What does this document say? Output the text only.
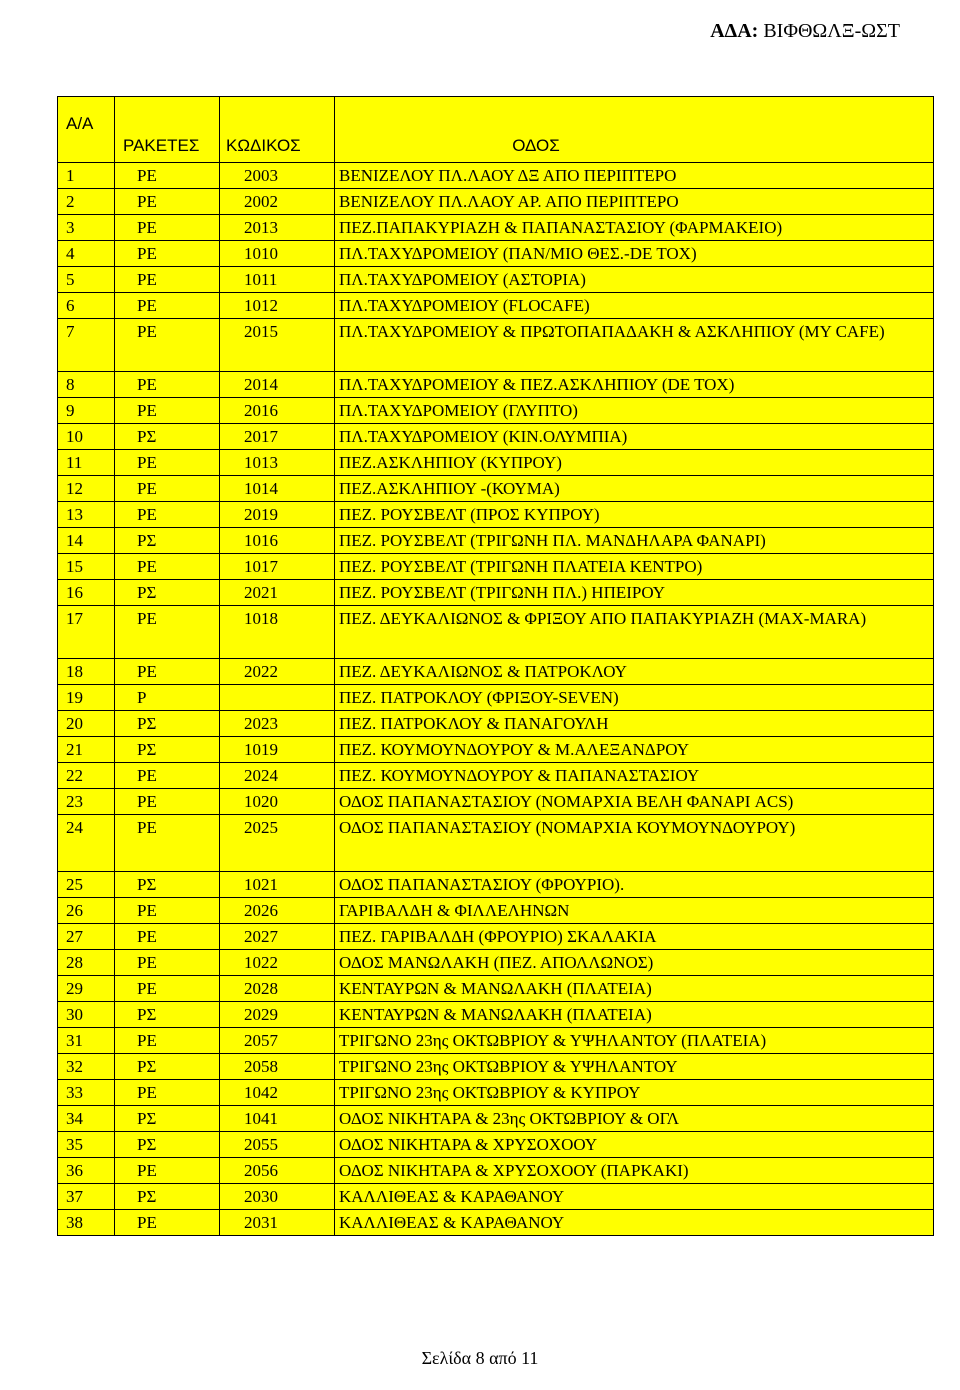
ΑΔΑ: ΒΙΦΘΩΛΞ-ΩΣΤ
Α/Α	ΡΑΚΕΤΕΣ	ΚΩΔΙΚΟΣ	ΟΔΟΣ

1	ΡΕ	2003	ΒΕΝΙΖΕΛΟΥ ΠΛ.ΛΑΟΥ ΔΞ ΑΠΟ ΠΕΡΙΠΤΕΡΟ
2	ΡΕ	2002	ΒΕΝΙΖΕΛΟΥ ΠΛ.ΛΑΟΥ ΑΡ. ΑΠΟ ΠΕΡΙΠΤΕΡΟ
3	ΡΕ	2013	ΠΕΖ.ΠΑΠΑΚΥΡΙΑΖΗ & ΠΑΠΑΝΑΣΤΑΣΙΟΥ (ΦΑΡΜΑΚΕΙΟ)
4	ΡΕ	1010	ΠΛ.ΤΑΧΥΔΡΟΜΕΙΟΥ (ΠΑΝ/ΜΙΟ ΘΕΣ.-DE TOX)
5	ΡΕ	1011	ΠΛ.ΤΑΧΥΔΡΟΜΕΙΟΥ (ΑΣΤΟΡΙΑ)
6	ΡΕ	1012	ΠΛ.ΤΑΧΥΔΡΟΜΕΙΟΥ (FLOCAFE)
7	ΡΕ	2015	ΠΛ.ΤΑΧΥΔΡΟΜΕΙΟΥ & ΠΡΩΤΟΠΑΠΑΔΑΚΗ & ΑΣΚΛΗΠΙΟΥ (MY CAFE)
8	ΡΕ	2014	ΠΛ.ΤΑΧΥΔΡΟΜΕΙΟΥ & ΠΕΖ.ΑΣΚΛΗΠΙΟΥ (DE TOX)
9	ΡΕ	2016	ΠΛ.ΤΑΧΥΔΡΟΜΕΙΟΥ (ΓΛΥΠΤΟ)
10	ΡΣ	2017	ΠΛ.ΤΑΧΥΔΡΟΜΕΙΟΥ (ΚΙΝ.ΟΛΥΜΠΙΑ)
11	ΡΕ	1013	ΠΕΖ.ΑΣΚΛΗΠΙΟΥ (ΚΥΠΡΟΥ)
12	ΡΕ	1014	ΠΕΖ.ΑΣΚΛΗΠΙΟΥ -(ΚΟΥΜΑ)
13	ΡΕ	2019	ΠΕΖ. ΡΟΥΣΒΕΛΤ (ΠΡΟΣ ΚΥΠΡΟΥ)
14	ΡΣ	1016	ΠΕΖ. ΡΟΥΣΒΕΛΤ (ΤΡΙΓΩΝΗ ΠΛ. ΜΑΝΔΗΛΑΡΑ ΦΑΝΑΡΙ)
15	ΡΕ	1017	ΠΕΖ. ΡΟΥΣΒΕΛΤ (ΤΡΙΓΩΝΗ ΠΛΑΤΕΙΑ ΚΕΝΤΡΟ)
16	ΡΣ	2021	ΠΕΖ. ΡΟΥΣΒΕΛΤ (ΤΡΙΓΩΝΗ ΠΛ.) ΗΠΕΙΡΟΥ
17	ΡΕ	1018	ΠΕΖ. ΔΕΥΚΑΛΙΩΝΟΣ & ΦΡΙΞΟΥ ΑΠΟ ΠΑΠΑΚΥΡΙΑΖΗ (MAX-MARA)
18	ΡΕ	2022	ΠΕΖ. ΔΕΥΚΑΛΙΩΝΟΣ & ΠΑΤΡΟΚΛΟΥ
19	Ρ		ΠΕΖ. ΠΑΤΡΟΚΛΟΥ (ΦΡΙΞΟΥ-SEVEN)
20	ΡΣ	2023	ΠΕΖ. ΠΑΤΡΟΚΛΟΥ & ΠΑΝΑΓΟΥΛΗ
21	ΡΣ	1019	ΠΕΖ. ΚΟΥΜΟΥΝΔΟΥΡΟΥ & Μ.ΑΛΕΞΑΝΔΡΟΥ
22	ΡΕ	2024	ΠΕΖ. ΚΟΥΜΟΥΝΔΟΥΡΟΥ & ΠΑΠΑΝΑΣΤΑΣΙΟΥ
23	ΡΕ	1020	ΟΔΟΣ ΠΑΠΑΝΑΣΤΑΣΙΟΥ (ΝΟΜΑΡΧΙΑ ΒΕΛΗ ΦΑΝΑΡΙ ACS)
24	ΡΕ	2025	ΟΔΟΣ ΠΑΠΑΝΑΣΤΑΣΙΟΥ (ΝΟΜΑΡΧΙΑ ΚΟΥΜΟΥΝΔΟΥΡΟΥ)
25	ΡΣ	1021	ΟΔΟΣ ΠΑΠΑΝΑΣΤΑΣΙΟΥ (ΦΡΟΥΡΙΟ).
26	ΡΕ	2026	ΓΑΡΙΒΑΛΔΗ & ΦΙΛΛΕΛΗΝΩΝ
27	ΡΕ	2027	ΠΕΖ. ΓΑΡΙΒΑΛΔΗ (ΦΡΟΥΡΙΟ) ΣΚΑΛΑΚΙΑ
28	ΡΕ	1022	ΟΔΟΣ ΜΑΝΩΛΑΚΗ (ΠΕΖ. ΑΠΟΛΛΩΝΟΣ)
29	ΡΕ	2028	ΚΕΝΤΑΥΡΩΝ & ΜΑΝΩΛΑΚΗ (ΠΛΑΤΕΙΑ)
30	ΡΣ	2029	ΚΕΝΤΑΥΡΩΝ & ΜΑΝΩΛΑΚΗ (ΠΛΑΤΕΙΑ)
31	ΡΕ	2057	ΤΡΙΓΩΝΟ 23ης ΟΚΤΩΒΡΙΟΥ & ΥΨΗΛΑΝΤΟΥ (ΠΛΑΤΕΙΑ)
32	ΡΣ	2058	ΤΡΙΓΩΝΟ 23ης ΟΚΤΩΒΡΙΟΥ & ΥΨΗΛΑΝΤΟΥ
33	ΡΕ	1042	ΤΡΙΓΩΝΟ 23ης ΟΚΤΩΒΡΙΟΥ & ΚΥΠΡΟΥ
34	ΡΣ	1041	ΟΔΟΣ ΝΙΚΗΤΑΡΑ & 23ης ΟΚΤΩΒΡΙΟΥ & ΟΓΛ
35	ΡΣ	2055	ΟΔΟΣ ΝΙΚΗΤΑΡΑ & ΧΡΥΣΟΧΟΟΥ
36	ΡΕ	2056	ΟΔΟΣ ΝΙΚΗΤΑΡΑ & ΧΡΥΣΟΧΟΟΥ (ΠΑΡΚΑΚΙ)
37	ΡΣ	2030	ΚΑΛΛΙΘΕΑΣ & ΚΑΡΑΘΑΝΟΥ
38	ΡΕ	2031	ΚΑΛΛΙΘΕΑΣ & ΚΑΡΑΘΑΝΟΥ
Σελίδα 8 από 11
